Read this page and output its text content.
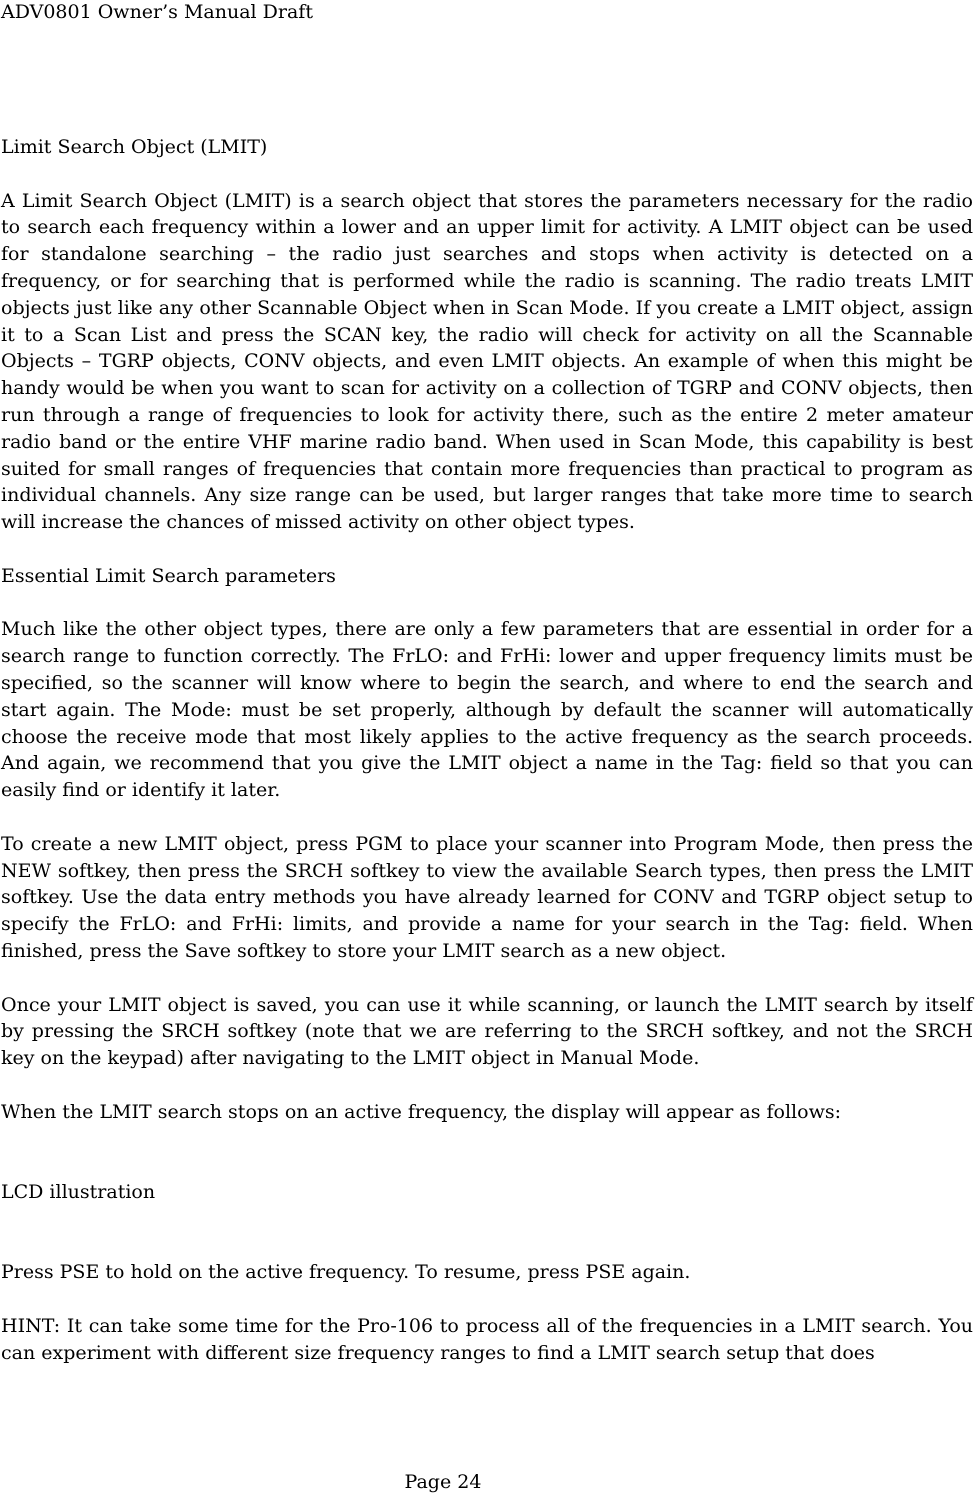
ADV0801 Owner’s Manual Draft

Limit Search Object (LMIT)

A Limit Search Object (LMIT) is a search object that stores the parameters necessary for the radio to search each frequency within a lower and an upper limit for activity. A LMIT object can be used for standalone searching – the radio just searches and stops when activity is detected on a frequency, or for searching that is performed while the radio is scanning. The radio treats LMIT objects just like any other Scannable Object when in Scan Mode. If you create a LMIT object, assign it to a Scan List and press the SCAN key, the radio will check for activity on all the Scannable Objects – TGRP objects, CONV objects, and even LMIT objects. An example of when this might be handy would be when you want to scan for activity on a collection of TGRP and CONV objects, then run through a range of frequencies to look for activity there, such as the entire 2 meter amateur radio band or the entire VHF marine radio band. When used in Scan Mode, this capability is best suited for small ranges of frequencies that contain more frequencies than practical to program as individual channels. Any size range can be used, but larger ranges that take more time to search will increase the chances of missed activity on other object types.

Essential Limit Search parameters

Much like the other object types, there are only a few parameters that are essential in order for a search range to function correctly. The FrLO: and FrHi: lower and upper frequency limits must be specified, so the scanner will know where to begin the search, and where to end the search and start again. The Mode: must be set properly, although by default the scanner will automatically choose the receive mode that most likely applies to the active frequency as the search proceeds. And again, we recommend that you give the LMIT object a name in the Tag: field so that you can easily find or identify it later.

To create a new LMIT object, press PGM to place your scanner into Program Mode, then press the NEW softkey, then press the SRCH softkey to view the available Search types, then press the LMIT softkey. Use the data entry methods you have already learned for CONV and TGRP object setup to specify the FrLO: and FrHi: limits, and provide a name for your search in the Tag: field. When finished, press the Save softkey to store your LMIT search as a new object.

Once your LMIT object is saved, you can use it while scanning, or launch the LMIT search by itself by pressing the SRCH softkey (note that we are referring to the SRCH softkey, and not the SRCH key on the keypad) after navigating to the LMIT object in Manual Mode.

When the LMIT search stops on an active frequency, the display will appear as follows:

LCD illustration

Press PSE to hold on the active frequency. To resume, press PSE again.

HINT: It can take some time for the Pro-106 to process all of the frequencies in a LMIT search. You can experiment with different size frequency ranges to find a LMIT search setup that does

Page 24
